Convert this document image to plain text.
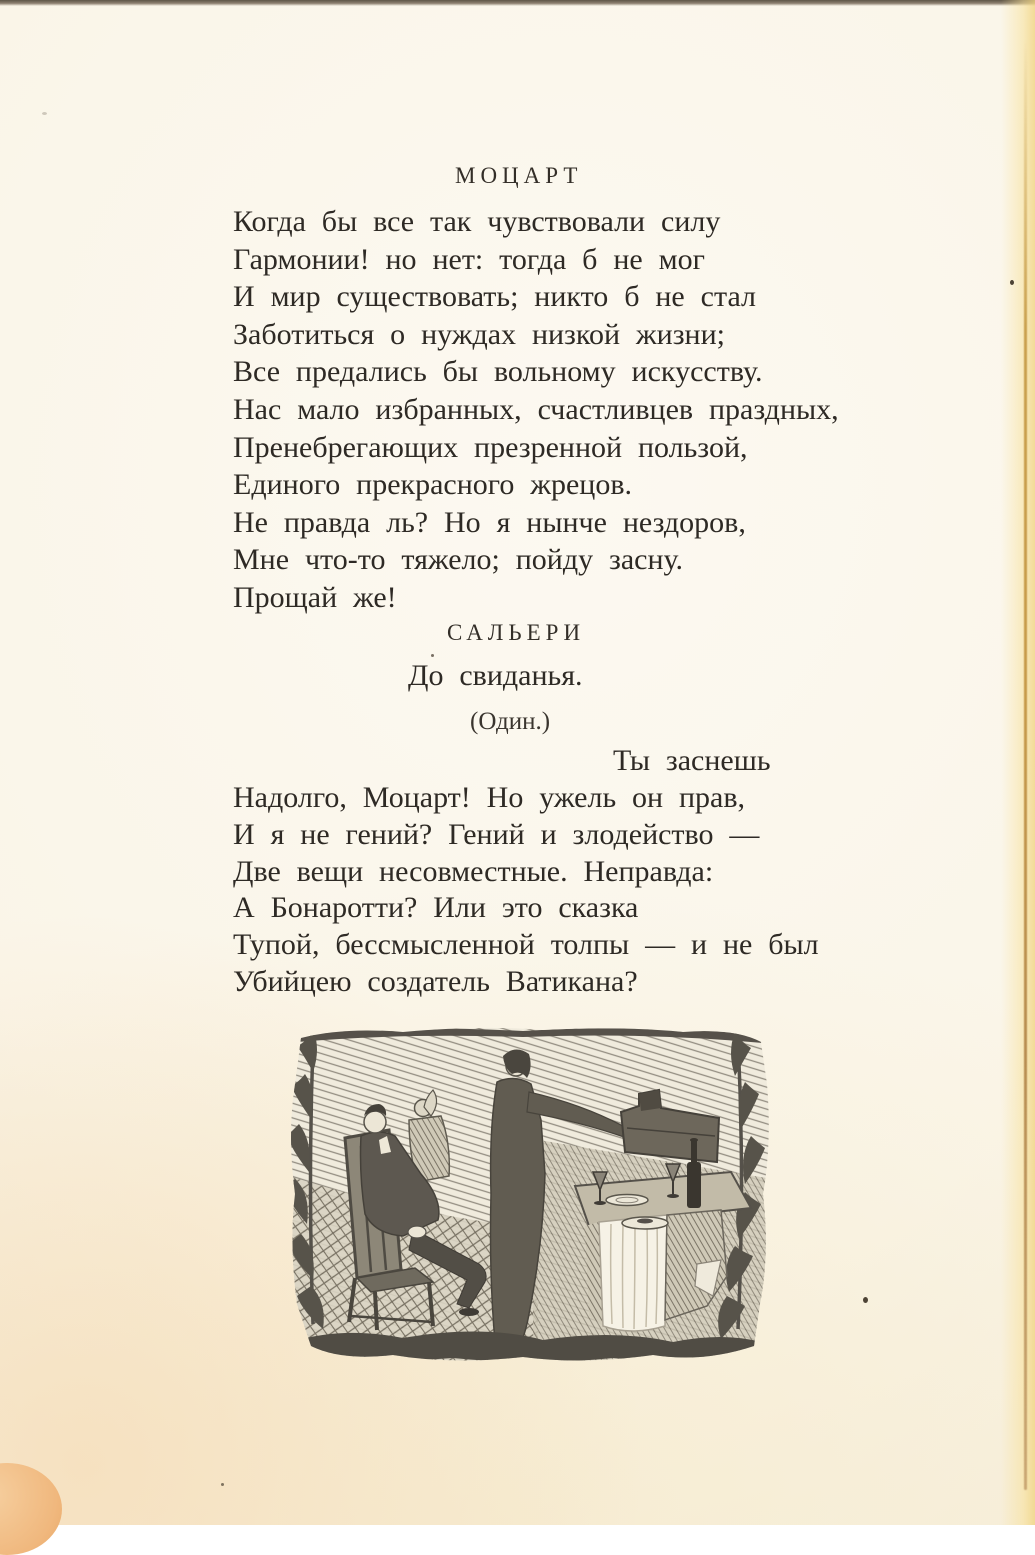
МОЦАРТ
Когда бы все так чувствовали силу
Гармонии! но нет: тогда б не мог
И мир существовать; никто б не стал
Заботиться о нуждах низкой жизни;
Все предались бы вольному искусству.
Нас мало избранных, счастливцев праздных,
Пренебрегающих презренной пользой,
Единого прекрасного жрецов.
Не правда ль? Но я нынче нездоров,
Мне что-то тяжело; пойду засну.
Прощай же!
САЛЬЕРИ
До свиданья.
(Один.)
Ты заснешь
Надолго, Моцарт! Но ужель он прав,
И я не гений? Гений и злодейство —
Две вещи несовместные. Неправда:
А Бонаротти? Или это сказка
Тупой, бессмысленной толпы — и не был
Убийцею создатель Ватикана?
